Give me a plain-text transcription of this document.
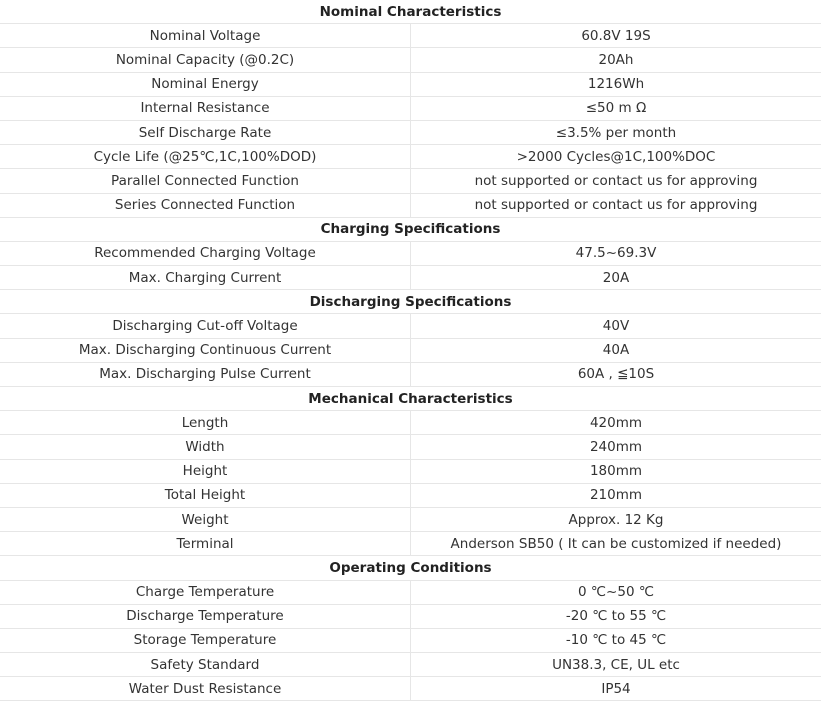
Nominal Characteristics	
Nominal Voltage	60.8V 19S
Nominal Capacity (@0.2C)	20Ah
Nominal Energy	1216Wh
Internal Resistance	≤50 m Ω
Self Discharge Rate	≤3.5% per month
Cycle Life (@25℃,1C,100%DOD)	>2000 Cycles@1C,100%DOC
Parallel Connected Function	not supported or contact us for approving
Series Connected Function	not supported or contact us for approving
Charging Specifications	
Recommended Charging Voltage	47.5~69.3V
Max. Charging Current	20A
Discharging Specifications	
Discharging Cut-off Voltage	40V
Max. Discharging Continuous Current	40A
Max. Discharging Pulse Current	60A , ≦10S
Mechanical Characteristics	
Length	420mm
Width	240mm
Height	180mm
Total Height	210mm
Weight	Approx. 12 Kg
Terminal	Anderson SB50 ( It can be customized if needed)
Operating Conditions	
Charge Temperature	0 ℃~50 ℃
Discharge Temperature	-20 ℃ to 55 ℃
Storage Temperature	-10 ℃ to 45 ℃
Safety Standard	UN38.3, CE, UL etc
Water Dust Resistance	IP54
